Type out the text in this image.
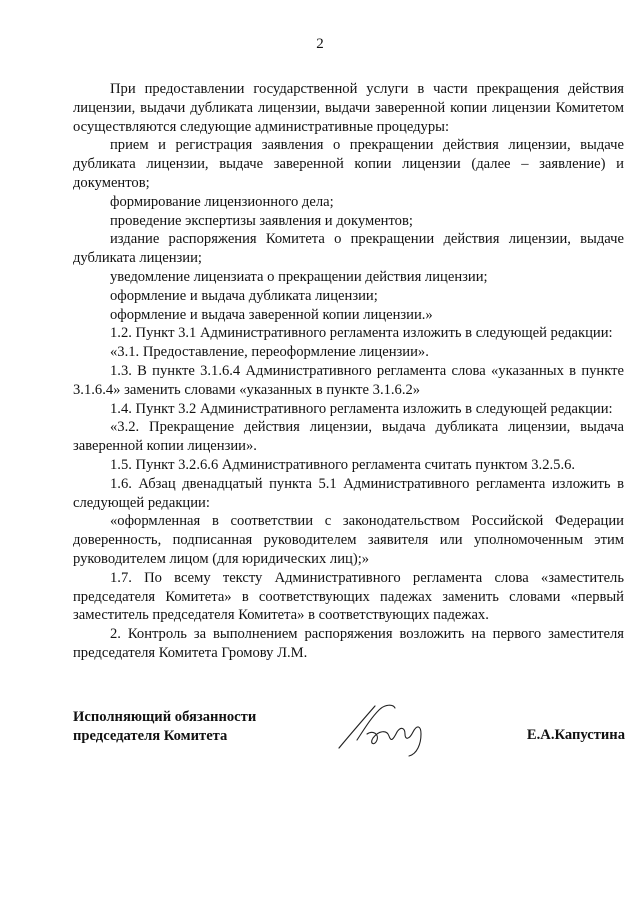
2

При предоставлении государственной услуги в части прекращения действия лицензии, выдачи дубликата лицензии, выдачи заверенной копии лицензии Комитетом осуществляются следующие административные процедуры:

прием и регистрация заявления о прекращении действия лицензии, выдаче дубликата лицензии, выдаче заверенной копии лицензии (далее – заявление) и документов;

формирование лицензионного дела;

проведение экспертизы заявления и документов;

издание распоряжения Комитета о прекращении действия лицензии, выдаче дубликата лицензии;

уведомление лицензиата о прекращении действия лицензии;

оформление и выдача дубликата лицензии;

оформление и выдача заверенной копии лицензии.»

1.2. Пункт 3.1 Административного регламента изложить в следующей редакции:

«3.1. Предоставление, переоформление лицензии».

1.3. В пункте 3.1.6.4 Административного регламента слова «указанных в пункте 3.1.6.4» заменить словами «указанных в пункте 3.1.6.2»

1.4. Пункт 3.2 Административного регламента изложить в следующей редакции:

«3.2. Прекращение действия лицензии, выдача дубликата лицензии, выдача заверенной копии лицензии».

1.5. Пункт 3.2.6.6 Административного регламента считать пунктом 3.2.5.6.

1.6. Абзац двенадцатый пункта 5.1 Административного регламента изложить в следующей редакции:

«оформленная в соответствии с законодательством Российской Федерации доверенность, подписанная руководителем заявителя или уполномоченным этим руководителем лицом (для юридических лиц);»

1.7. По всему тексту Административного регламента слова «заместитель председателя Комитета» в соответствующих падежах заменить словами «первый заместитель председателя Комитета» в соответствующих падежах.

2. Контроль за выполнением распоряжения возложить на первого заместителя председателя Комитета Громову Л.М.

Исполняющий обязанности
председателя Комитета	Е.А.Капустина
